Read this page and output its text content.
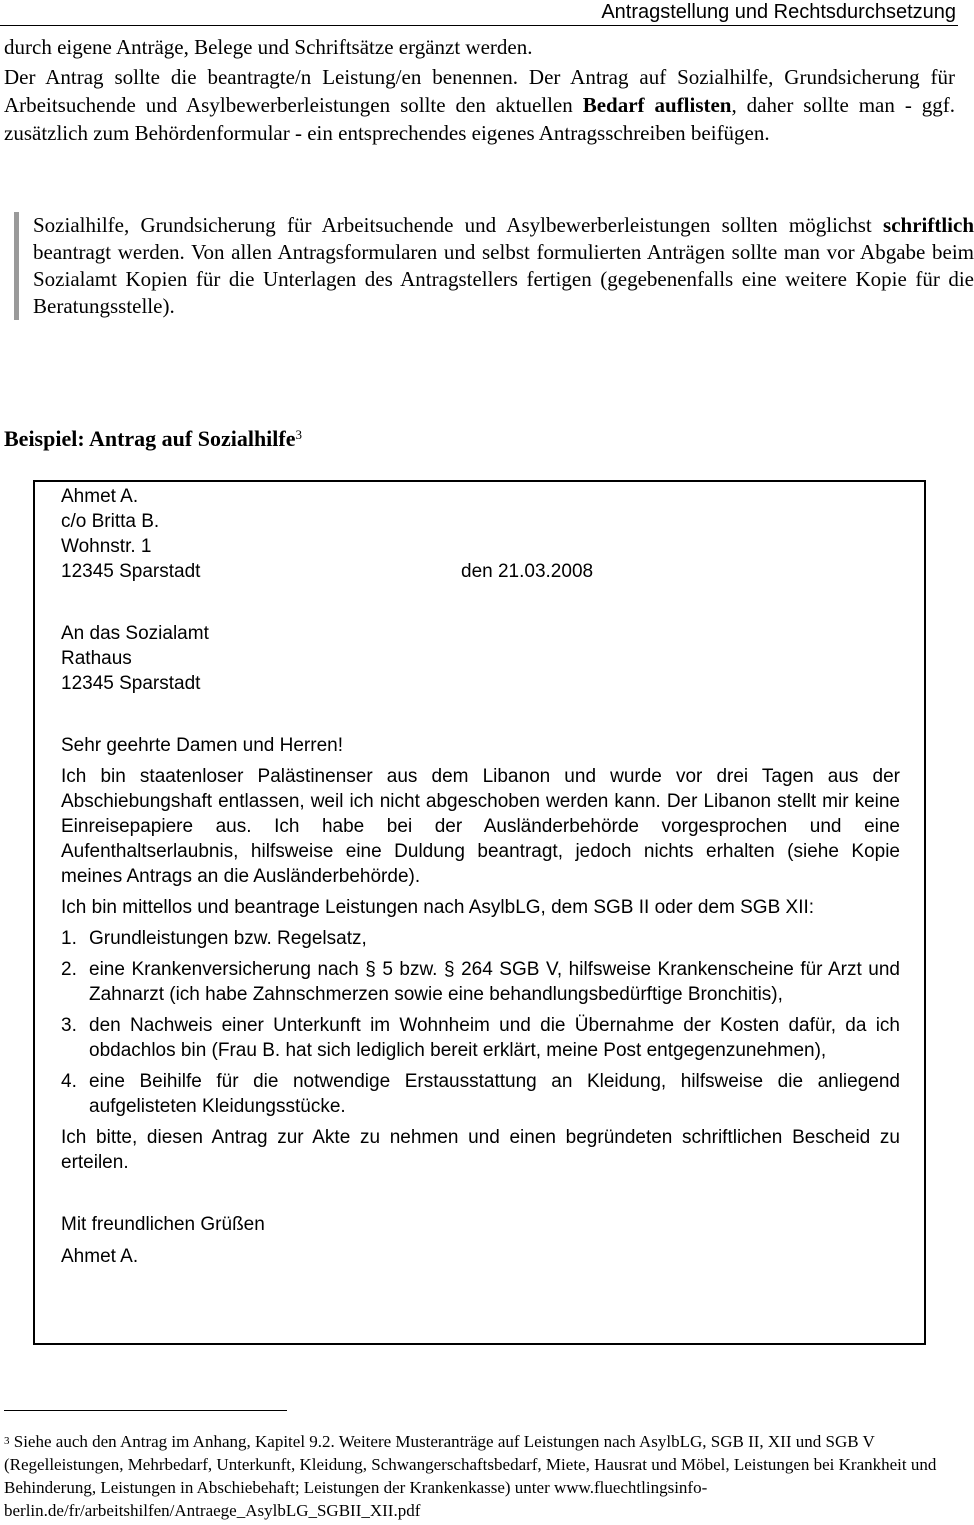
Antragstellung und Rechtsdurchsetzung

durch eigene Anträge, Belege und Schriftsätze ergänzt werden.

Der Antrag sollte die beantragte/n Leistung/en benennen. Der Antrag auf Sozialhilfe, Grundsicherung für Arbeitsuchende und Asylbewerberleistungen sollte den aktuellen Bedarf auflisten, daher sollte man - ggf. zusätzlich zum Behördenformular - ein entsprechendes eigenes Antragsschreiben beifügen.

Sozialhilfe, Grundsicherung für Arbeitsuchende und Asylbewerberleistungen sollten möglichst schriftlich beantragt werden. Von allen Antragsformularen und selbst formulierten Anträgen sollte man vor Abgabe beim Sozialamt Kopien für die Unterlagen des Antragstellers fertigen (gegebenenfalls eine weitere Kopie für die Beratungsstelle).
Beispiel: Antrag auf Sozialhilfe$^3$
Ahmet A.
c/o Britta B.
Wohnstr. 1
12345 Sparstadt	den 21.03.2008
An das Sozialamt
Rathaus
12345 Sparstadt
Sehr geehrte Damen und Herren!
Ich bin staatenloser Palästinenser aus dem Libanon und wurde vor drei Tagen aus der Abschiebungshaft entlassen, weil ich nicht abgeschoben werden kann. Der Libanon stellt mir keine Einreisepapiere aus. Ich habe bei der Ausländerbehörde vorgesprochen und eine Aufenthaltserlaubnis, hilfsweise eine Duldung beantragt, jedoch nichts erhalten (siehe Kopie meines Antrags an die Ausländerbehörde).
Ich bin mittellos und beantrage Leistungen nach AsylbLG, dem SGB II oder dem SGB XII:
1. Grundleistungen bzw. Regelsatz,
2. eine Krankenversicherung nach § 5 bzw. § 264 SGB V, hilfsweise Krankenscheine für Arzt und Zahnarzt (ich habe Zahnschmerzen sowie eine behandlungsbedürftige Bronchitis),
3. den Nachweis einer Unterkunft im Wohnheim und die Übernahme der Kosten dafür, da ich obdachlos bin (Frau B. hat sich lediglich bereit erklärt, meine Post entgegenzunehmen),
4. eine Beihilfe für die notwendige Erstausstattung an Kleidung, hilfsweise die anliegend aufgelisteten Kleidungsstücke.
Ich bitte, diesen Antrag zur Akte zu nehmen und einen begründeten schriftlichen Bescheid zu erteilen.
Mit freundlichen Grüßen
Ahmet A.

$^3$ Siehe auch den Antrag im Anhang, Kapitel 9.2. Weitere Musteranträge auf Leistungen nach AsylbLG, SGB II, XII und SGB V (Regelleistungen, Mehrbedarf, Unterkunft, Kleidung, Schwangerschaftsbedarf, Miete, Hausrat und Möbel, Leistungen bei Krankheit und Behinderung, Leistungen in Abschiebehaft; Leistungen der Krankenkasse) unter www.fluechtlingsinfo-berlin.de/fr/arbeitshilfen/Antraege_AsylbLG_SGBII_XII.pdf
